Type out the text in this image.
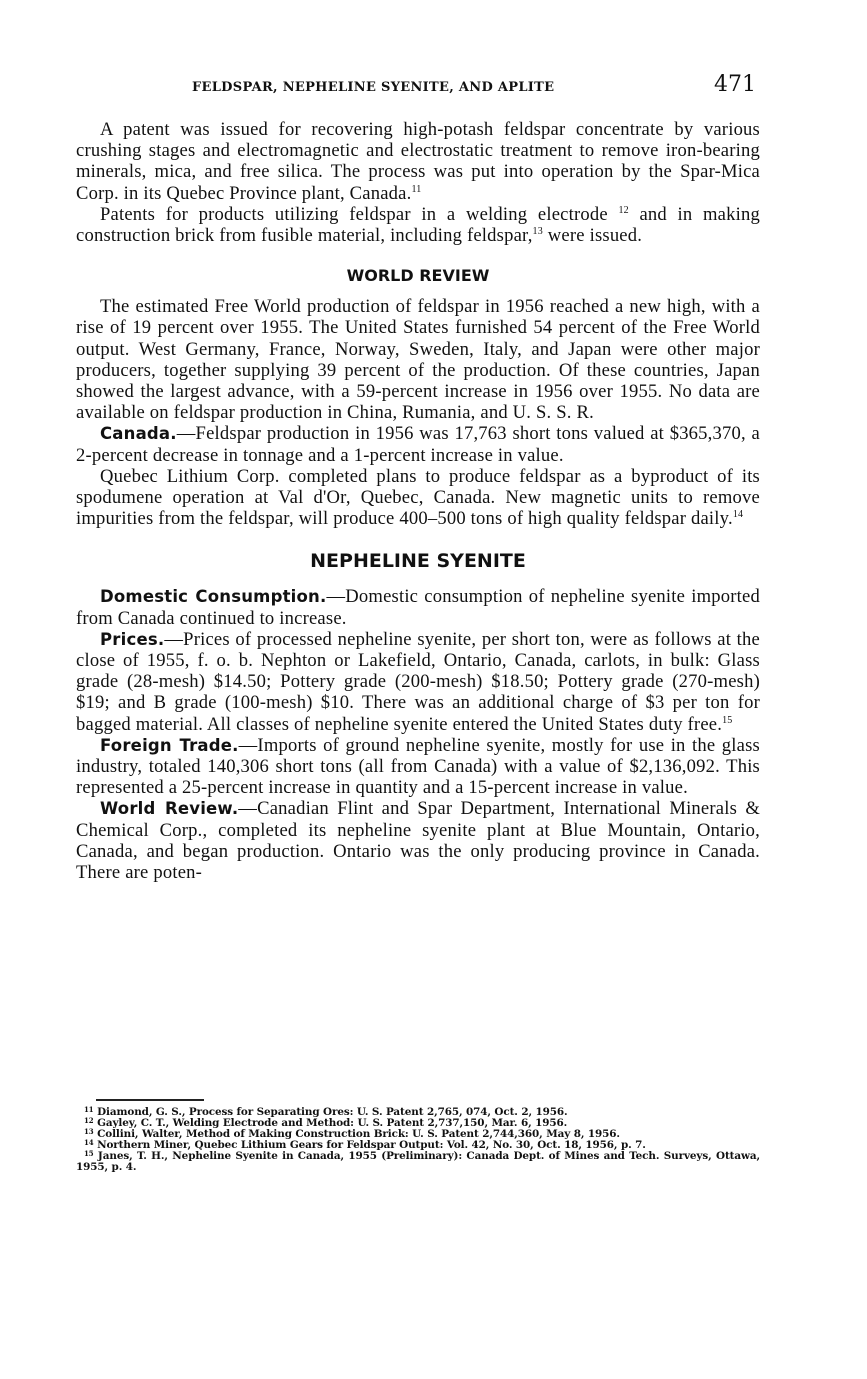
FELDSPAR, NEPHELINE SYENITE, AND APLITE	471

A patent was issued for recovering high-potash feldspar concentrate by various crushing stages and electromagnetic and electrostatic treatment to remove iron-bearing minerals, mica, and free silica. The process was put into operation by the Spar-Mica Corp. in its Quebec Province plant, Canada.$^{11}$

Patents for products utilizing feldspar in a welding electrode $^{12}$ and in making construction brick from fusible material, including feldspar,$^{13}$ were issued.

WORLD REVIEW

The estimated Free World production of feldspar in 1956 reached a new high, with a rise of 19 percent over 1955. The United States furnished 54 percent of the Free World output. West Germany, France, Norway, Sweden, Italy, and Japan were other major producers, together supplying 39 percent of the production. Of these countries, Japan showed the largest advance, with a 59-percent increase in 1956 over 1955. No data are available on feldspar production in China, Rumania, and U. S. S. R.

Canada.—Feldspar production in 1956 was 17,763 short tons valued at $365,370, a 2-percent decrease in tonnage and a 1-percent increase in value.

Quebec Lithium Corp. completed plans to produce feldspar as a byproduct of its spodumene operation at Val d'Or, Quebec, Canada. New magnetic units to remove impurities from the feldspar, will produce 400–500 tons of high quality feldspar daily.$^{14}$

NEPHELINE SYENITE

Domestic Consumption.—Domestic consumption of nepheline syenite imported from Canada continued to increase.

Prices.—Prices of processed nepheline syenite, per short ton, were as follows at the close of 1955, f. o. b. Nephton or Lakefield, Ontario, Canada, carlots, in bulk: Glass grade (28-mesh) $14.50; Pottery grade (200-mesh) $18.50; Pottery grade (270-mesh) $19; and B grade (100-mesh) $10. There was an additional charge of $3 per ton for bagged material. All classes of nepheline syenite entered the United States duty free.$^{15}$

Foreign Trade.—Imports of ground nepheline syenite, mostly for use in the glass industry, totaled 140,306 short tons (all from Canada) with a value of $2,136,092. This represented a 25-percent increase in quantity and a 15-percent increase in value.

World Review.—Canadian Flint and Spar Department, International Minerals & Chemical Corp., completed its nepheline syenite plant at Blue Mountain, Ontario, Canada, and began production. Ontario was the only producing province in Canada. There are poten-

$^{11}$ Diamond, G. S., Process for Separating Ores: U. S. Patent 2,765, 074, Oct. 2, 1956.

$^{12}$ Gayley, C. T., Welding Electrode and Method: U. S. Patent 2,737,150, Mar. 6, 1956.

$^{13}$ Collini, Walter, Method of Making Construction Brick: U. S. Patent 2,744,360, May 8, 1956.

$^{14}$ Northern Miner, Quebec Lithium Gears for Feldspar Output: Vol. 42, No. 30, Oct. 18, 1956, p. 7.

$^{15}$ Janes, T. H., Nepheline Syenite in Canada, 1955 (Preliminary): Canada Dept. of Mines and Tech. Surveys, Ottawa, 1955, p. 4.
